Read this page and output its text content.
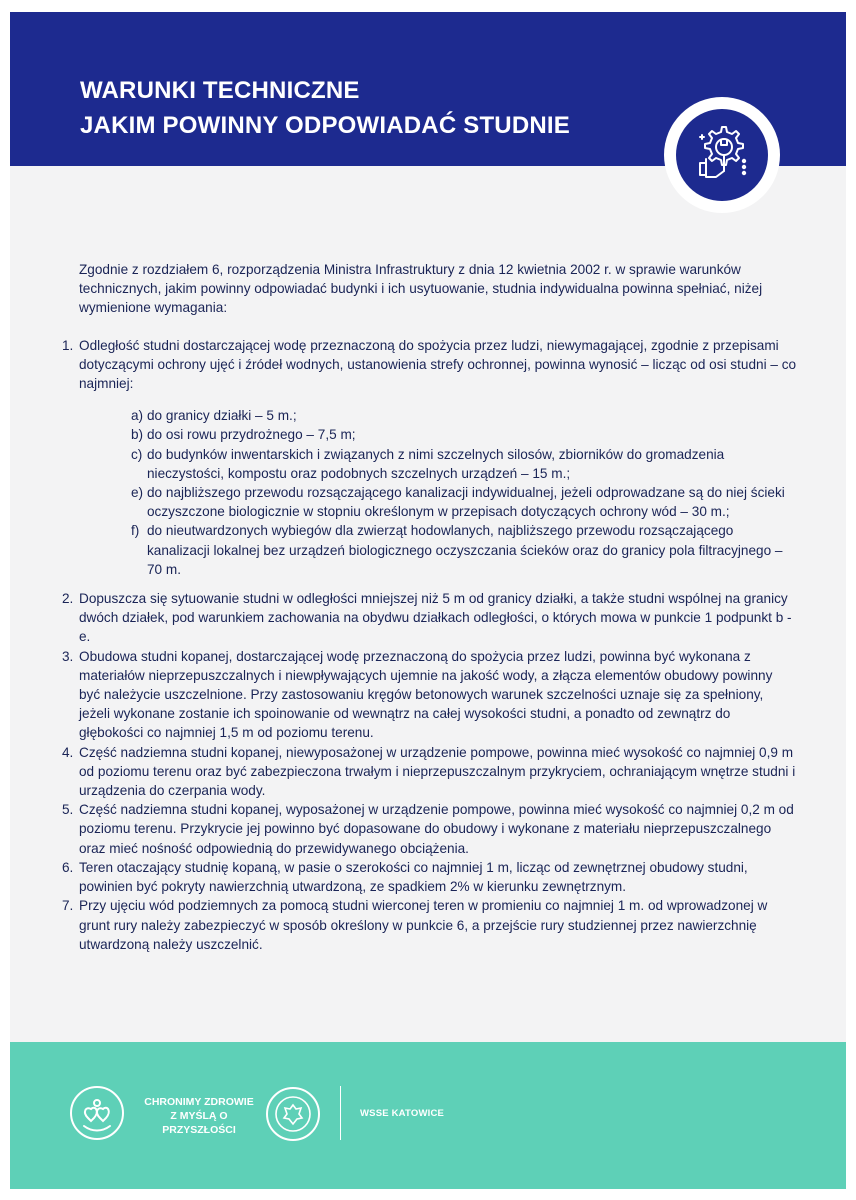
WARUNKI TECHNICZNE
JAKIM POWINNY ODPOWIADAĆ STUDNIE
Zgodnie z rozdziałem 6, rozporządzenia Ministra Infrastruktury z dnia 12 kwietnia 2002 r. w sprawie warunków technicznych, jakim powinny odpowiadać budynki i ich usytuowanie, studnia indywidualna powinna spełniać, niżej wymienione wymagania:
1. Odległość studni dostarczającej wodę przeznaczoną do spożycia przez ludzi, niewymagającej, zgodnie z przepisami dotyczącymi ochrony ujęć i źródeł wodnych, ustanowienia strefy ochronnej, powinna wynosić – licząc od osi studni – co najmniej:
a) do granicy działki – 5 m.;
b) do osi rowu przydrożnego – 7,5 m;
c) do budynków inwentarskich i związanych z nimi szczelnych silosów, zbiorników do gromadzenia nieczystości, kompostu oraz podobnych szczelnych urządzeń – 15 m.;
e) do najbliższego przewodu rozsączającego kanalizacji indywidualnej, jeżeli odprowadzane są do niej ścieki oczyszczone biologicznie w stopniu określonym w przepisach dotyczących ochrony wód – 30 m.;
f) do nieutwardzonych wybiegów dla zwierząt hodowlanych, najbliższego przewodu rozsączającego kanalizacji lokalnej bez urządzeń biologicznego oczyszczania ścieków oraz do granicy pola filtracyjnego – 70 m.
2. Dopuszcza się sytuowanie studni w odległości mniejszej niż 5 m od granicy działki, a także studni wspólnej na granicy dwóch działek, pod warunkiem zachowania na obydwu działkach odległości, o których mowa w punkcie 1 podpunkt b - e.
3. Obudowa studni kopanej, dostarczającej wodę przeznaczoną do spożycia przez ludzi, powinna być wykonana z materiałów nieprzepuszczalnych i niewpływających ujemnie na jakość wody, a złącza elementów obudowy powinny być należycie uszczelnione. Przy zastosowaniu kręgów betonowych warunek szczelności uznaje się za spełniony, jeżeli wykonane zostanie ich spoinowanie od wewnątrz na całej wysokości studni, a ponadto od zewnątrz do głębokości co najmniej 1,5 m od poziomu terenu.
4. Część nadziemna studni kopanej, niewyposażonej w urządzenie pompowe, powinna mieć wysokość co najmniej 0,9 m od poziomu terenu oraz być zabezpieczona trwałym i nieprzepuszczalnym przykryciem, ochraniającym wnętrze studni i urządzenia do czerpania wody.
5. Część nadziemna studni kopanej, wyposażonej w urządzenie pompowe, powinna mieć wysokość co najmniej 0,2 m od poziomu terenu. Przykrycie jej powinno być dopasowane do obudowy i wykonane z materiału nieprzepuszczalnego oraz mieć nośność odpowiednią do przewidywanego obciążenia.
6. Teren otaczający studnię kopaną, w pasie o szerokości co najmniej 1 m, licząc od zewnętrznej obudowy studni, powinien być pokryty nawierzchnią utwardzoną, ze spadkiem 2% w kierunku zewnętrznym.
7. Przy ujęciu wód podziemnych za pomocą studni wierconej teren w promieniu co najmniej 1 m. od wprowadzonej w grunt rury należy zabezpieczyć w sposób określony w punkcie 6, a przejście rury studziennej przez nawierzchnię utwardzoną należy uszczelnić.
CHRONIMY ZDROWIE
Z MYŚLĄ O PRZYSZŁOŚCI
WSSE KATOWICE
